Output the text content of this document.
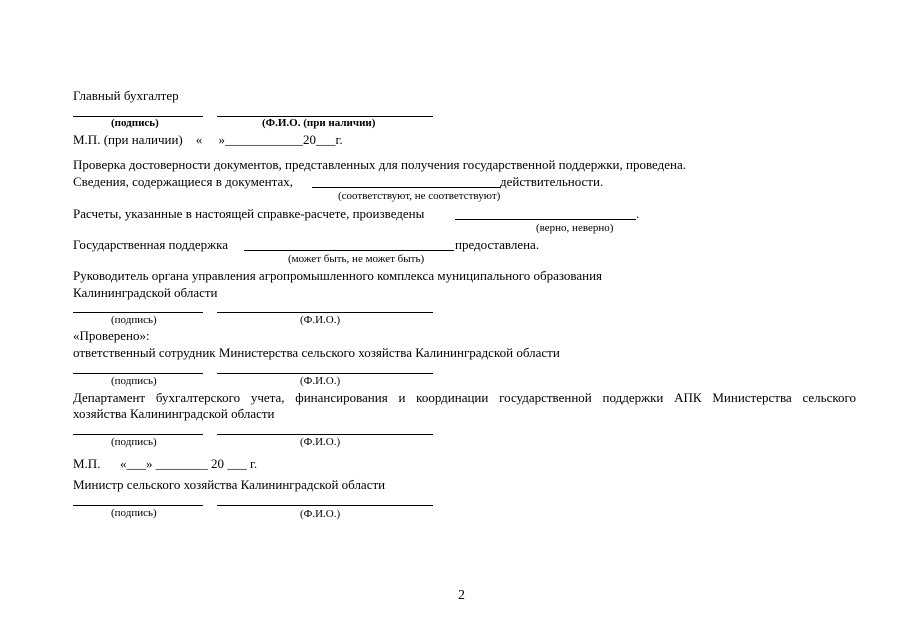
Главный бухгалтер
(подпись)	(Ф.И.О. (при наличии)
М.П. (при наличии)    «     »____________20___г.
Проверка достоверности документов, представленных для получения государственной поддержки, проведена.
Сведения, содержащиеся в документах,	действительности.
(соответствуют, не соответствуют)
Расчеты, указанные в настоящей справке-расчете, произведены	.
(верно, неверно)
Государственная поддержка	предоставлена.
(может быть, не может быть)
Руководитель органа управления агропромышленного комплекса муниципального образования
Калининградской области
(подпись)	(Ф.И.О.)
«Проверено»:
ответственный сотрудник Министерства сельского хозяйства Калининградской области
(подпись)	(Ф.И.О.)
Департамент бухгалтерского учета, финансирования и координации государственной поддержки АПК Министерства сельского
хозяйства Калининградской области
(подпись)	(Ф.И.О.)
М.П.      «___» ________ 20 ___ г.
Министр сельского хозяйства Калининградской области
(подпись)	(Ф.И.О.)
2
